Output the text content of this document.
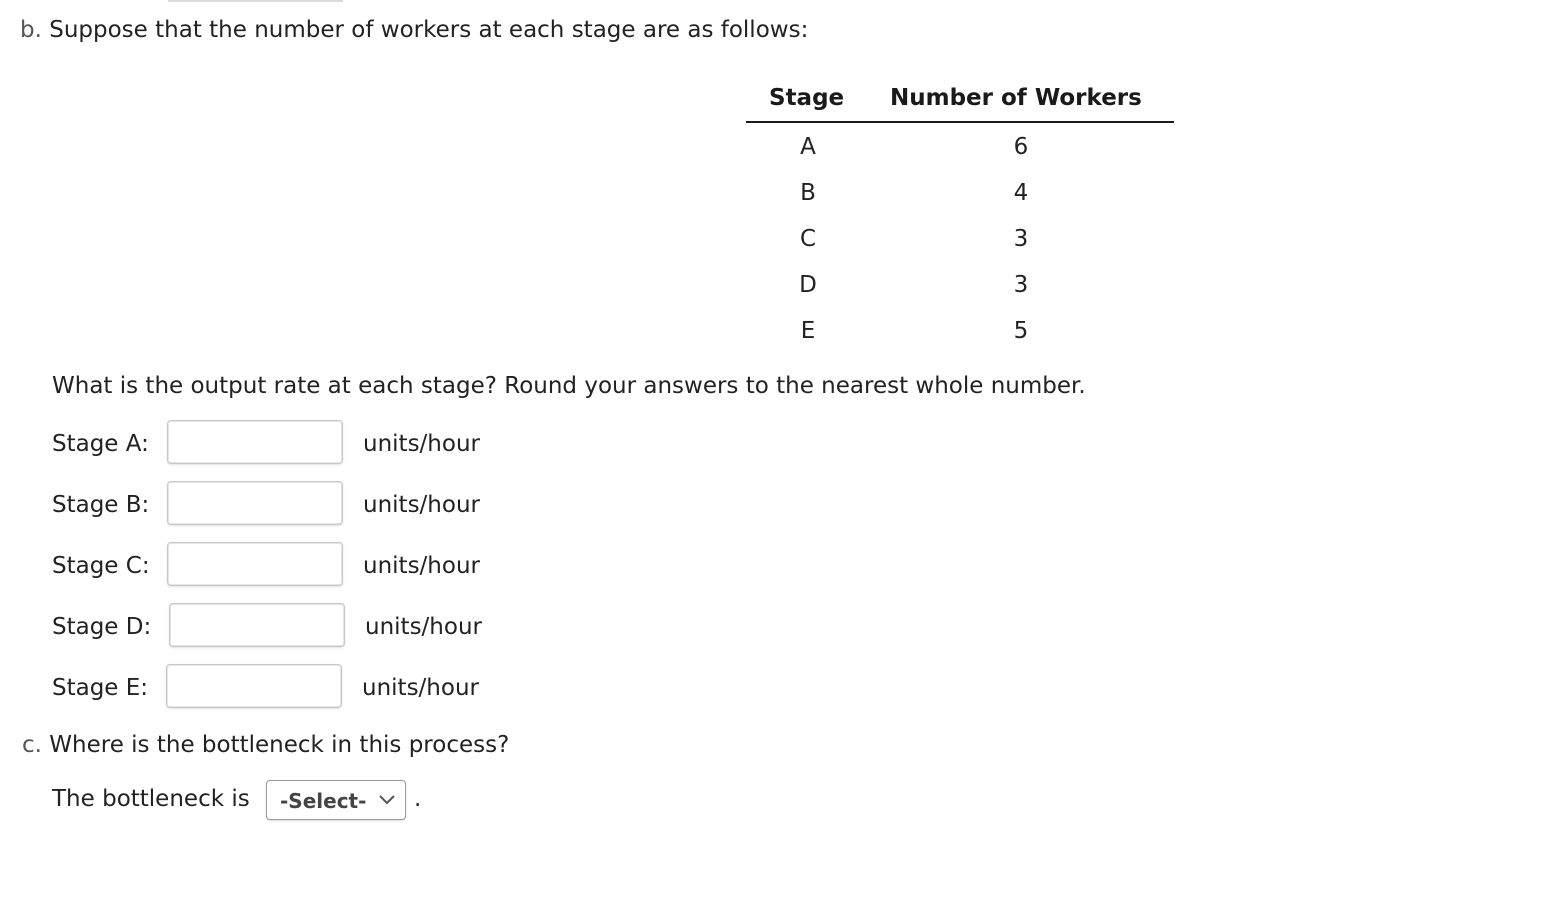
b. Suppose that the number of workers at each stage are as follows:
Stage Number of Workers
A	6
B	4
C	3
D	3
E	5
What is the output rate at each stage? Round your answers to the nearest whole number.
Stage A:	units/hour
Stage B:	units/hour
Stage C:	units/hour
Stage D:	units/hour
Stage E:	units/hour
c. Where is the bottleneck in this process?
The bottleneck is -Select- .
